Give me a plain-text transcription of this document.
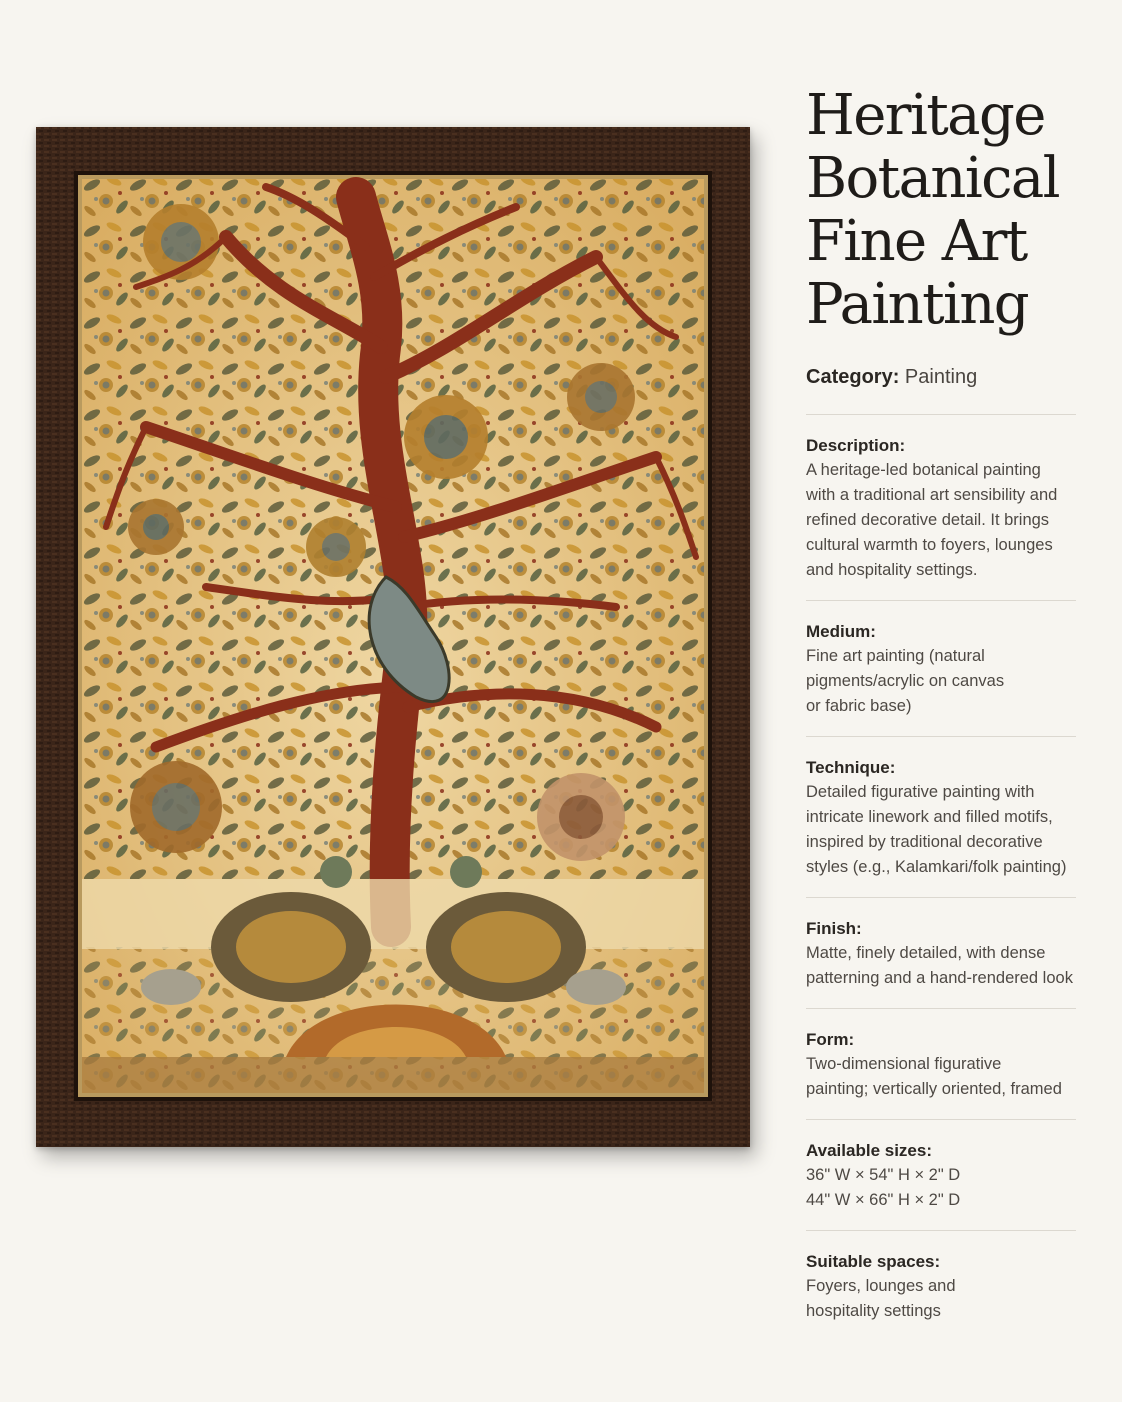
Heritage
Botanical
Fine Art
Painting
Category: Painting
Description:
A heritage-led botanical painting
with a traditional art sensibility and
refined decorative detail. It brings
cultural warmth to foyers, lounges
and hospitality settings.
Medium:
Fine art painting (natural
pigments/acrylic on canvas
or fabric base)
Technique:
Detailed figurative painting with
intricate linework and filled motifs,
inspired by traditional decorative
styles (e.g., Kalamkari/folk painting)
Finish:
Matte, finely detailed, with dense
patterning and a hand-rendered look
Form:
Two-dimensional figurative
painting; vertically oriented, framed
Available sizes:
36" W × 54" H × 2" D
44" W × 66" H × 2" D
Suitable spaces:
Foyers, lounges and
hospitality settings
